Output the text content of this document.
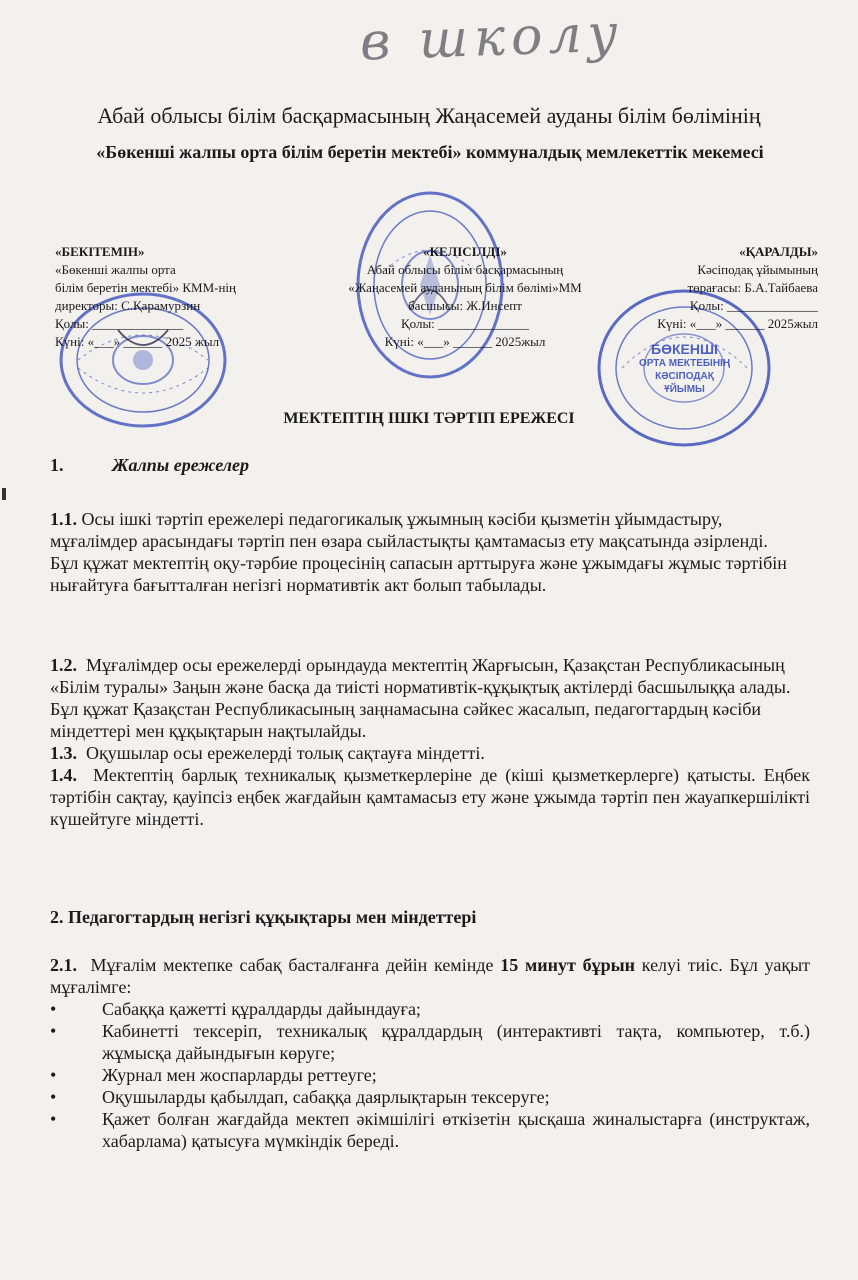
в школу
Абай облысы білім басқармасының Жаңасемей ауданы білім бөлімінің
«Бөкенші жалпы орта білім беретін мектебі» коммуналдық мемлекеттік мекемесі
БӨКЕНШІ
ОРТА МЕКТЕБІНІҢ
КӘСІПОДАҚ
ҰЙЫМЫ
«БЕКІТЕМІН»
«Бөкенші жалпы орта
білім беретін мектебі» КММ-нің
директоры: С.Қарамурзин
Қолы: ______________
Күні: «___» ______ 2025 жыл
«КЕЛІСІЛДІ»
Абай облысы білім басқармасының
«Жаңасемей ауданының білім бөлімі»ММ
басшысы: Ж.Инсепт
Қолы: ______________
Күні: «___» ______ 2025жыл
«ҚАРАЛДЫ»
Кәсіподақ ұйымының
төрағасы: Б.А.Тайбаева
Қолы: ______________
Күні: «___» ______ 2025жыл
МЕКТЕПТІҢ ІШКІ ТӘРТІП ЕРЕЖЕСІ
1.	Жалпы ережелер

1.1. Осы ішкі тәртіп ережелері педагогикалық ұжымның кәсіби қызметін ұйымдастыру, мұғалімдер арасындағы тәртіп пен өзара сыйластықты қамтамасыз ету мақсатында әзірленді.

Бұл құжат мектептің оқу-тәрбие процесінің сапасын арттыруға және ұжымдағы жұмыс тәртібін нығайтуға бағытталған негізгі нормативтік акт болып табылады.

1.2. Мұғалімдер осы ережелерді орындауда мектептің Жарғысын, Қазақстан Республикасының «Білім туралы» Заңын және басқа да тиісті нормативтік-құқықтық актілерді басшылыққа алады.

Бұл құжат Қазақстан Республикасының заңнамасына сәйкес жасалып, педагогтардың кәсіби міндеттері мен құқықтарын нақтылайды.

1.3. Оқушылар осы ережелерді толық сақтауға міндетті.

1.4. Мектептің барлық техникалық қызметкерлеріне де (кіші қызметкерлерге) қатысты. Еңбек тәртібін сақтау, қауіпсіз еңбек жағдайын қамтамасыз ету және ұжымда тәртіп пен жауапкершілікті күшейтуге міндетті.

2. Педагогтардың негізгі құқықтары мен міндеттері

2.1. Мұғалім мектепке сабақ басталғанға дейін кемінде 15 минут бұрын келуі тиіс. Бұл уақыт мұғалімге:

• Сабаққа қажетті құралдарды дайындауға;

• Кабинетті тексеріп, техникалық құралдардың (интерактивті тақта, компьютер, т.б.) жұмысқа дайындығын көруге;

• Журнал мен жоспарларды реттеуге;

• Оқушыларды қабылдап, сабаққа даярлықтарын тексеруге;

• Қажет болған жағдайда мектеп әкімшілігі өткізетін қысқаша жиналыстарға (инструктаж, хабарлама) қатысуға мүмкіндік береді.
